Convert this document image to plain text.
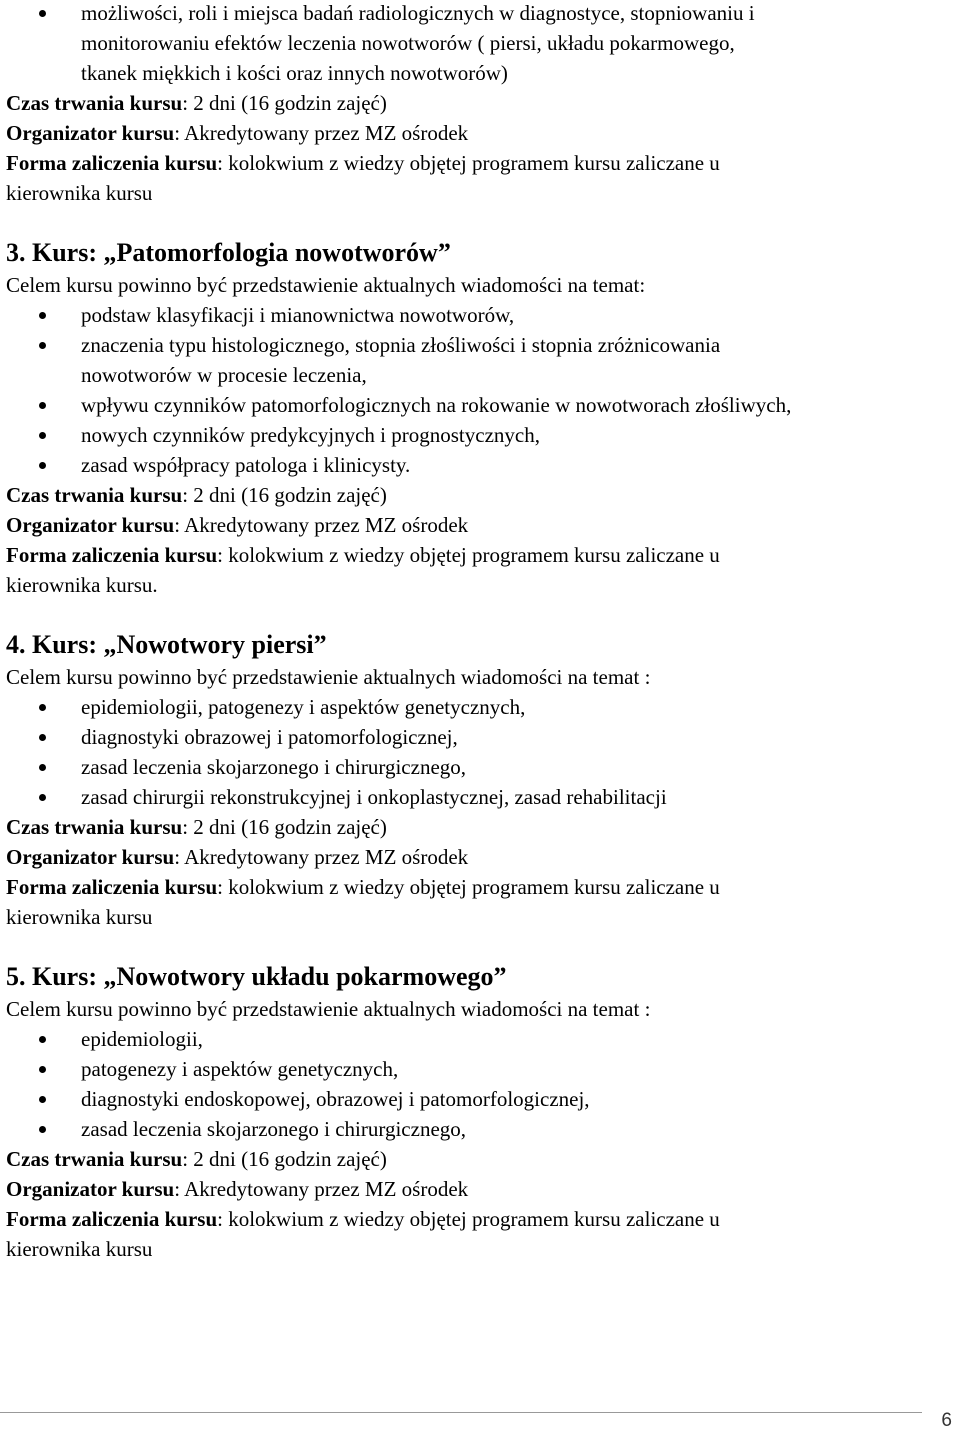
możliwości, roli i miejsca badań radiologicznych w diagnostyce, stopniowaniu i
monitorowaniu efektów leczenia nowotworów ( piersi, układu pokarmowego,
tkanek miękkich i kości oraz innych nowotworów)
Czas trwania kursu: 2 dni (16 godzin zajęć)
Organizator kursu: Akredytowany przez MZ ośrodek
Forma zaliczenia kursu: kolokwium z wiedzy objętej programem kursu zaliczane u
kierownika kursu
3. Kurs: „Patomorfologia nowotworów”
Celem kursu powinno być przedstawienie aktualnych wiadomości na temat:
podstaw klasyfikacji i mianownictwa nowotworów,
znaczenia typu histologicznego, stopnia złośliwości i stopnia zróżnicowania
nowotworów w procesie leczenia,
wpływu czynników patomorfologicznych na rokowanie w nowotworach złośliwych,
nowych czynników predykcyjnych i prognostycznych,
zasad współpracy patologa i klinicysty.
Czas trwania kursu: 2 dni (16 godzin zajęć)
Organizator kursu: Akredytowany przez MZ ośrodek
Forma zaliczenia kursu: kolokwium z wiedzy objętej programem kursu zaliczane u
kierownika kursu.
4. Kurs: „Nowotwory piersi”
Celem kursu powinno być przedstawienie aktualnych wiadomości na temat :
epidemiologii, patogenezy i aspektów genetycznych,
diagnostyki obrazowej i patomorfologicznej,
zasad leczenia skojarzonego i chirurgicznego,
zasad chirurgii rekonstrukcyjnej i onkoplastycznej, zasad rehabilitacji
Czas trwania kursu: 2 dni (16 godzin zajęć)
Organizator kursu: Akredytowany przez MZ ośrodek
Forma zaliczenia kursu: kolokwium z wiedzy objętej programem kursu zaliczane u
kierownika kursu
5. Kurs: „Nowotwory układu pokarmowego”
Celem kursu powinno być przedstawienie aktualnych wiadomości na temat :
epidemiologii,
patogenezy i aspektów genetycznych,
diagnostyki endoskopowej, obrazowej i patomorfologicznej,
zasad leczenia skojarzonego i chirurgicznego,
Czas trwania kursu: 2 dni (16 godzin zajęć)
Organizator kursu: Akredytowany przez MZ ośrodek
Forma zaliczenia kursu: kolokwium z wiedzy objętej programem kursu zaliczane u
kierownika kursu
6
